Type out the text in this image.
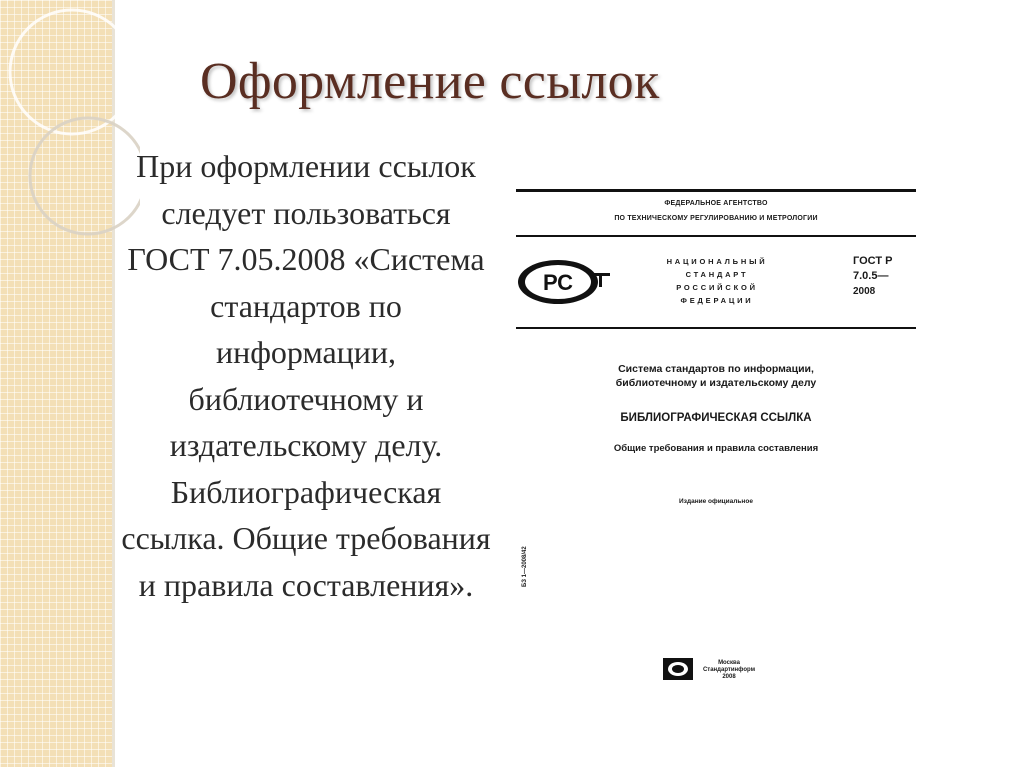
Оформление ссылок
При оформлении ссылок следует пользоваться ГОСТ 7.05.2008 «Система стандартов по информации, библиотечному и издательскому делу. Библиографическая ссылка. Общие требования и правила составления».
ФЕДЕРАЛЬНОЕ АГЕНТСТВО
ПО ТЕХНИЧЕСКОМУ РЕГУЛИРОВАНИЮ И МЕТРОЛОГИИ
РС
НАЦИОНАЛЬНЫЙ
СТАНДАРТ
РОССИЙСКОЙ
ФЕДЕРАЦИИ
ГОСТ Р
7.0.5—
2008
Система стандартов по информации,
библиотечному и издательскому делу
БИБЛИОГРАФИЧЕСКАЯ ССЫЛКА
Общие требования и правила составления
Издание официальное
БЗ 1—2008/42
Москва
Стандартинформ
2008
